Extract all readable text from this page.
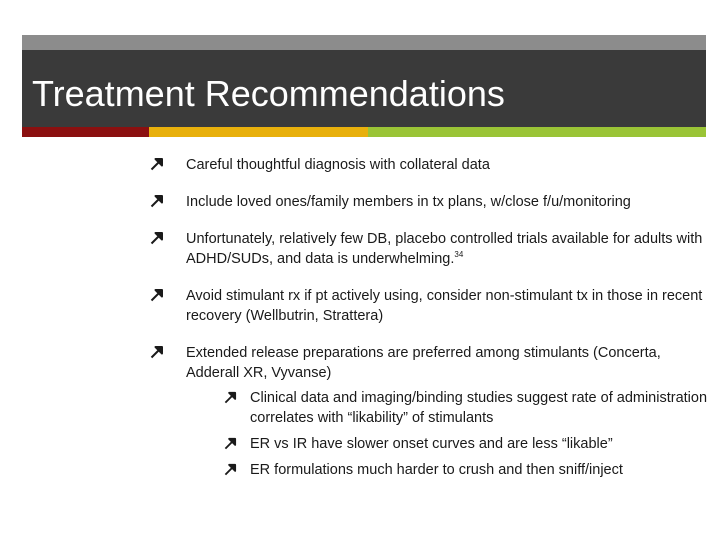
Treatment Recommendations
Careful thoughtful diagnosis with collateral data
Include loved ones/family members in tx plans, w/close f/u/monitoring
Unfortunately, relatively few DB, placebo controlled trials available for adults with ADHD/SUDs, and data is underwhelming.$^{34}$
Avoid stimulant rx if pt actively using, consider non-stimulant tx in those in recent recovery (Wellbutrin, Strattera)
Extended release preparations are preferred among stimulants (Concerta, Adderall XR, Vyvanse)
Clinical data and imaging/binding studies suggest rate of administration correlates with “likability” of stimulants
ER vs IR have slower onset curves and are less “likable”
ER formulations much harder to crush and then sniff/inject
